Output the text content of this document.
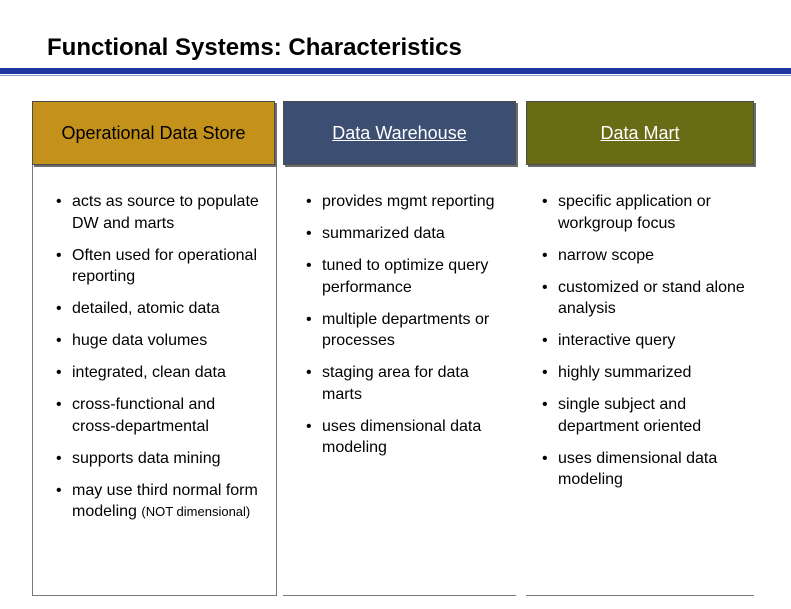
Functional Systems: Characteristics
Operational Data Store	Data Warehouse	Data Mart
• acts as source to populate DW and marts
• Often used for operational reporting
• detailed, atomic data
• huge data volumes
• integrated, clean data
• cross-functional and cross-departmental
• supports data mining
• may use third normal form modeling (NOT dimensional)
• provides mgmt reporting
• summarized data
• tuned to optimize query performance
• multiple departments or processes
• staging area for data marts
• uses dimensional data modeling
• specific application or workgroup focus
• narrow scope
• customized or stand alone analysis
• interactive query
• highly summarized
• single subject and department oriented
• uses dimensional data modeling
